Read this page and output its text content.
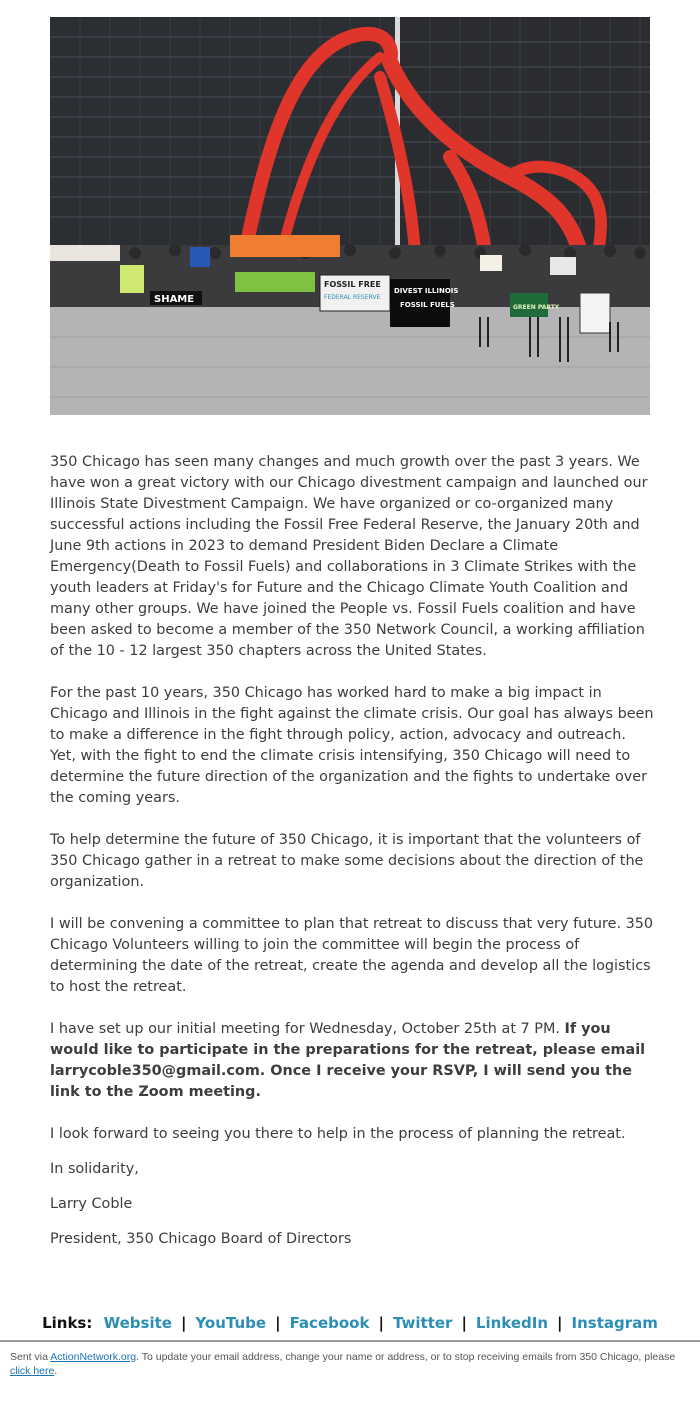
FOSSIL FREE
FEDERAL RESERVE
DIVEST ILLINOIS
FOSSIL FUELS
SHAME
GREEN PARTY

350 Chicago has seen many changes and much growth over the past 3 years. We have won a great victory with our Chicago divestment campaign and launched our Illinois State Divestment Campaign. We have organized or co-organized many successful actions including the Fossil Free Federal Reserve, the January 20th and June 9th actions in 2023 to demand President Biden Declare a Climate Emergency(Death to Fossil Fuels) and collaborations in 3 Climate Strikes with the youth leaders at Friday's for Future and the Chicago Climate Youth Coalition and many other groups. We have joined the People vs. Fossil Fuels coalition and have been asked to become a member of the 350 Network Council, a working affiliation of the 10 - 12 largest 350 chapters across the United States.

For the past 10 years, 350 Chicago has worked hard to make a big impact in Chicago and Illinois in the fight against the climate crisis. Our goal has always been to make a difference in the fight through policy, action, advocacy and outreach. Yet, with the fight to end the climate crisis intensifying, 350 Chicago will need to determine the future direction of the organization and the fights to undertake over the coming years.

To help determine the future of 350 Chicago, it is important that the volunteers of 350 Chicago gather in a retreat to make some decisions about the direction of the organization.

I will be convening a committee to plan that retreat to discuss that very future. 350 Chicago Volunteers willing to join the committee will begin the process of determining the date of the retreat, create the agenda and develop all the logistics to host the retreat.

I have set up our initial meeting for Wednesday, October 25th at 7 PM. If you would like to participate in the preparations for the retreat, please email larrycoble350@gmail.com. Once I receive your RSVP, I will send you the link to the Zoom meeting.

I look forward to seeing you there to help in the process of planning the retreat.

In solidarity,

Larry Coble

President, 350 Chicago Board of Directors

Links: Website | YouTube | Facebook | Twitter | LinkedIn | Instagram
Sent via ActionNetwork.org. To update your email address, change your name or address, or to stop receiving emails from 350 Chicago, please click here.
